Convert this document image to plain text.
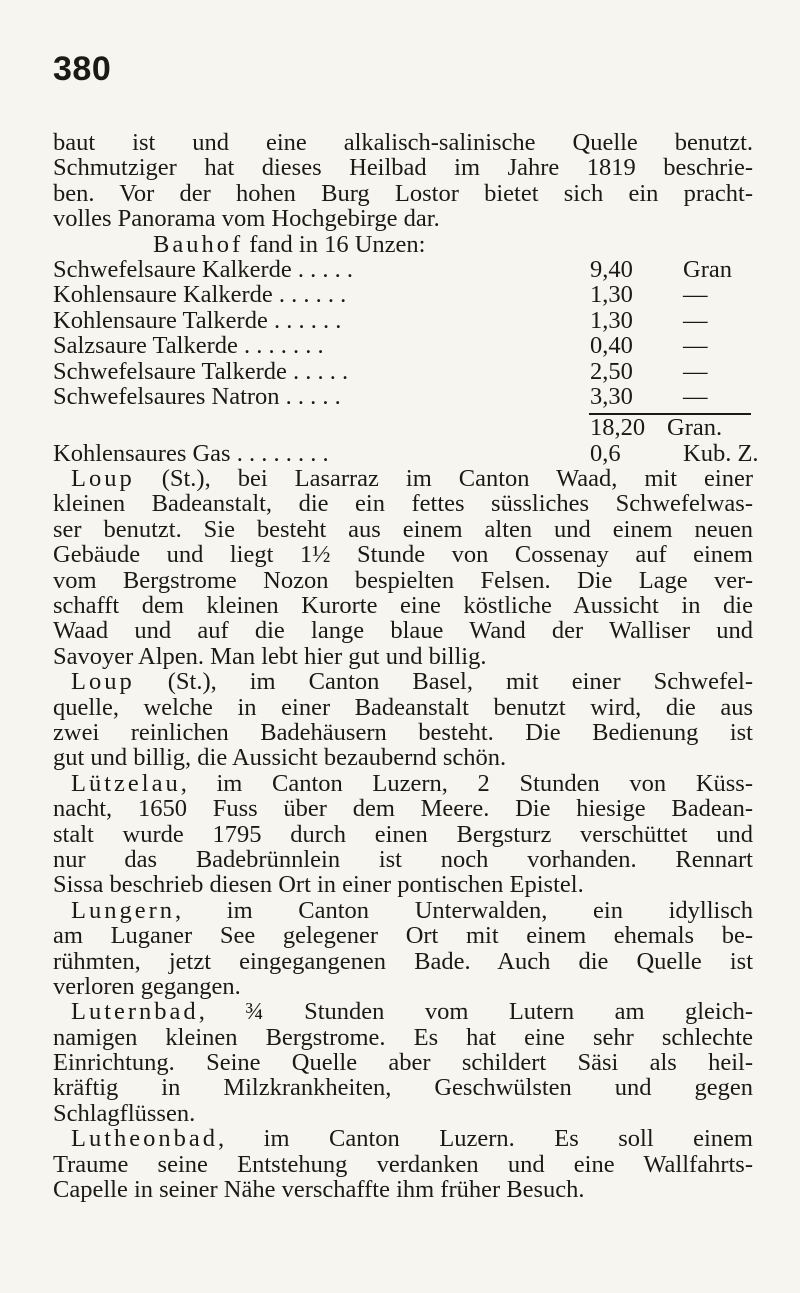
380
baut ist und eine alkalisch-salinische Quelle benutzt.
Schmutziger hat dieses Heilbad im Jahre 1819 beschrie-
ben. Vor der hohen Burg Lostor bietet sich ein pracht-
volles Panorama vom Hochgebirge dar.
Bauhof fand in 16 Unzen:
Schwefelsaure Kalkerde . . . . .	9,40 Gran
Kohlensaure Kalkerde . . . . . .	1,30 —
Kohlensaure Talkerde . . . . . .	1,30 —
Salzsaure Talkerde . . . . . . .	0,40 —
Schwefelsaure Talkerde . . . . .	2,50 —
Schwefelsaures Natron . . . . .	3,30 —
18,20 Gran.
Kohlensaures Gas . . . . . . . .	0,6	Kub. Z.
Loup (St.), bei Lasarraz im Canton Waad, mit einer
kleinen Badeanstalt, die ein fettes süssliches Schwefelwas-
ser benutzt. Sie besteht aus einem alten und einem neuen
Gebäude und liegt 1½ Stunde von Cossenay auf einem
vom Bergstrome Nozon bespielten Felsen. Die Lage ver-
schafft dem kleinen Kurorte eine köstliche Aussicht in die
Waad und auf die lange blaue Wand der Walliser und
Savoyer Alpen. Man lebt hier gut und billig.
Loup (St.), im Canton Basel, mit einer Schwefel-
quelle, welche in einer Badeanstalt benutzt wird, die aus
zwei reinlichen Badehäusern besteht. Die Bedienung ist
gut und billig, die Aussicht bezaubernd schön.
Lützelau, im Canton Luzern, 2 Stunden von Küss-
nacht, 1650 Fuss über dem Meere. Die hiesige Badean-
stalt wurde 1795 durch einen Bergsturz verschüttet und
nur das Badebrünnlein ist noch vorhanden. Rennart
Sissa beschrieb diesen Ort in einer pontischen Epistel.
Lungern, im Canton Unterwalden, ein idyllisch
am Luganer See gelegener Ort mit einem ehemals be-
rühmten, jetzt eingegangenen Bade. Auch die Quelle ist
verloren gegangen.
Luternbad, ¾ Stunden vom Lutern am gleich-
namigen kleinen Bergstrome. Es hat eine sehr schlechte
Einrichtung. Seine Quelle aber schildert Säsi als heil-
kräftig in Milzkrankheiten, Geschwülsten und gegen
Schlagflüssen.
Lutheonbad, im Canton Luzern. Es soll einem
Traume seine Entstehung verdanken und eine Wallfahrts-
Capelle in seiner Nähe verschaffte ihm früher Besuch.
